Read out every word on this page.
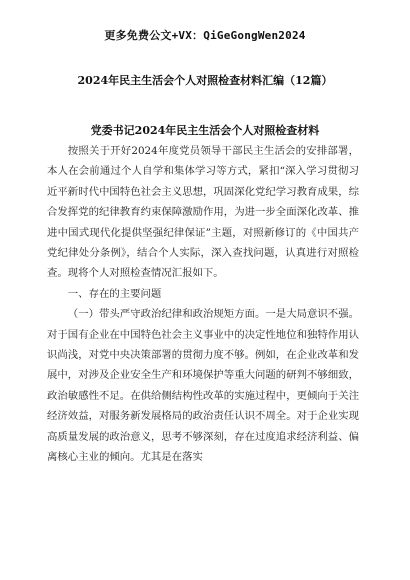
更多免费公文+VX：QiGeGongWen2024
2024年民主生活会个人对照检查材料汇编（12篇）
党委书记2024年民主生活会个人对照检查材料

按照关于开好2024年度党员领导干部民主生活会的安排部署，本人在会前通过个人自学和集体学习等方式，紧扣“深入学习贯彻习近平新时代中国特色社会主义思想，巩固深化党纪学习教育成果，综合发挥党的纪律教育约束保障激励作用，为进一步全面深化改革、推进中国式现代化提供坚强纪律保证”主题，对照新修订的《中国共产党纪律处分条例》，结合个人实际，深入查找问题，认真进行对照检查。现将个人对照检查情况汇报如下。

一、存在的主要问题

（一）带头严守政治纪律和政治规矩方面。一是大局意识不强。对于国有企业在中国特色社会主义事业中的决定性地位和独特作用认识尚浅，对党中央决策部署的贯彻力度不够。例如，在企业改革和发展中，对涉及企业安全生产和环境保护等重大问题的研判不够细致，政治敏感性不足。在供给侧结构性改革的实施过程中，更倾向于关注经济效益，对服务新发展格局的政治责任认识不周全。对于企业实现高质量发展的政治意义，思考不够深刻，存在过度追求经济利益、偏离核心主业的倾向。尤其是在落实
